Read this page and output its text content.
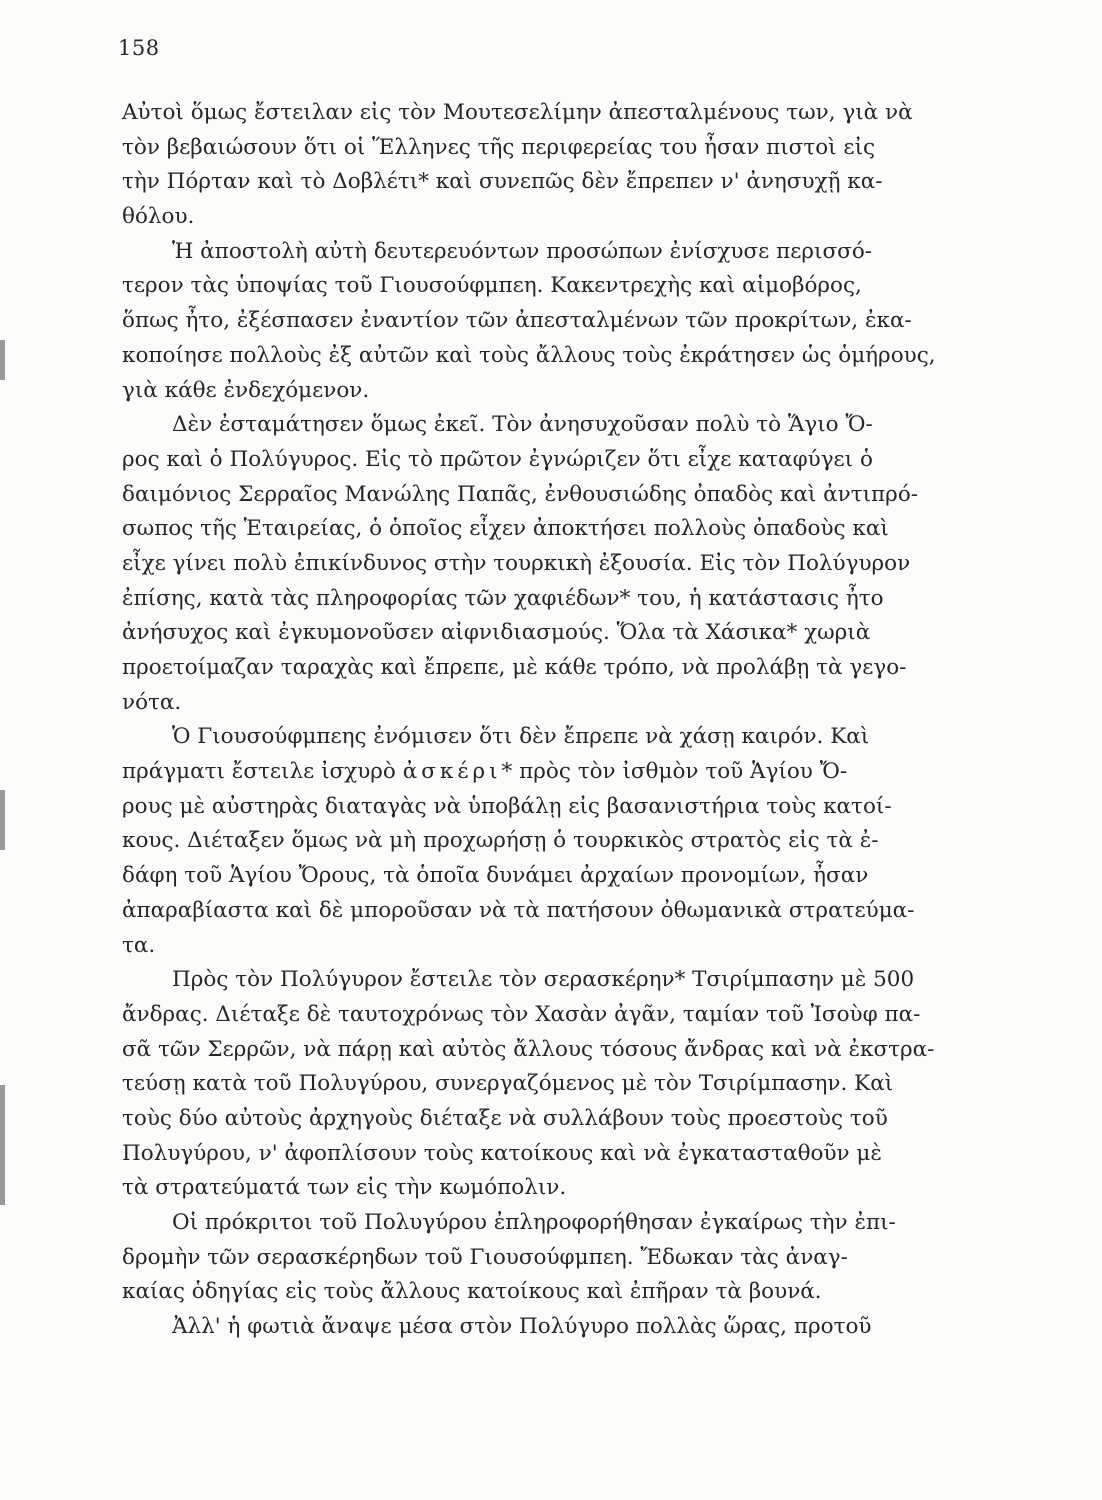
158
Αὐτοὶ ὅμως ἔστειλαν εἰς τὸν Μουτεσελίμην ἀπεσταλμένους των, γιὰ νὰ
τὸν βεβαιώσουν ὅτι οἱ Ἕλληνες τῆς περιφερείας του ἦσαν πιστοὶ εἰς
τὴν Πόρταν καὶ τὸ Δοβλέτι* καὶ συνεπῶς δὲν ἔπρεπεν ν' ἀνησυχῇ κα-
θόλου.
Ἡ ἀποστολὴ αὐτὴ δευτερευόντων προσώπων ἐνίσχυσε περισσό-
τερον τὰς ὑποψίας τοῦ Γιουσούφμπεη. Κακεντρεχὴς καὶ αἱμοβόρος,
ὅπως ἦτο, ἐξέσπασεν ἐναντίον τῶν ἀπεσταλμένων τῶν προκρίτων, ἐκα-
κοποίησε πολλοὺς ἐξ αὐτῶν καὶ τοὺς ἄλλους τοὺς ἐκράτησεν ὡς ὁμήρους,
γιὰ κάθε ἐνδεχόμενον.
Δὲν ἐσταμάτησεν ὅμως ἐκεῖ. Τὸν ἀνησυχοῦσαν πολὺ τὸ Ἅγιο Ὄ-
ρος καὶ ὁ Πολύγυρος. Εἰς τὸ πρῶτον ἐγνώριζεν ὅτι εἶχε καταφύγει ὁ
δαιμόνιος Σερραῖος Μανώλης Παπᾶς, ἐνθουσιώδης ὀπαδὸς καὶ ἀντιπρό-
σωπος τῆς Ἑταιρείας, ὁ ὁποῖος εἶχεν ἀποκτήσει πολλοὺς ὀπαδοὺς καὶ
εἶχε γίνει πολὺ ἐπικίνδυνος στὴν τουρκικὴ ἐξουσία. Εἰς τὸν Πολύγυρον
ἐπίσης, κατὰ τὰς πληροφορίας τῶν χαφιέδων* του, ἡ κατάστασις ἦτο
ἀνήσυχος καὶ ἐγκυμονοῦσεν αἰφνιδιασμούς. Ὅλα τὰ Χάσικα* χωριὰ
προετοίμαζαν ταραχὰς καὶ ἔπρεπε, μὲ κάθε τρόπο, νὰ προλάβῃ τὰ γεγο-
νότα.
Ὁ Γιουσούφμπεης ἐνόμισεν ὅτι δὲν ἔπρεπε νὰ χάσῃ καιρόν. Καὶ
πράγματι ἔστειλε ἰσχυρὸ ἀσκέρι* πρὸς τὸν ἰσθμὸν τοῦ Ἁγίου Ὄ-
ρους μὲ αὐστηρὰς διαταγὰς νὰ ὑποβάλῃ εἰς βασανιστήρια τοὺς κατοί-
κους. Διέταξεν ὅμως νὰ μὴ προχωρήσῃ ὁ τουρκικὸς στρατὸς εἰς τὰ ἐ-
δάφη τοῦ Ἁγίου Ὄρους, τὰ ὁποῖα δυνάμει ἀρχαίων προνομίων, ἦσαν
ἀπαραβίαστα καὶ δὲ μποροῦσαν νὰ τὰ πατήσουν ὀθωμανικὰ στρατεύμα-
τα.
Πρὸς τὸν Πολύγυρον ἔστειλε τὸν σερασκέρην* Τσιρίμπασην μὲ 500
ἄνδρας. Διέταξε δὲ ταυτοχρόνως τὸν Χασὰν ἀγᾶν, ταμίαν τοῦ Ἰσοὺφ πα-
σᾶ τῶν Σερρῶν, νὰ πάρῃ καὶ αὐτὸς ἄλλους τόσους ἄνδρας καὶ νὰ ἐκστρα-
τεύσῃ κατὰ τοῦ Πολυγύρου, συνεργαζόμενος μὲ τὸν Τσιρίμπασην. Καὶ
τοὺς δύο αὐτοὺς ἀρχηγοὺς διέταξε νὰ συλλάβουν τοὺς προεστοὺς τοῦ
Πολυγύρου, ν' ἀφοπλίσουν τοὺς κατοίκους καὶ νὰ ἐγκατασταθοῦν μὲ
τὰ στρατεύματά των εἰς τὴν κωμόπολιν.
Οἱ πρόκριτοι τοῦ Πολυγύρου ἐπληροφορήθησαν ἐγκαίρως τὴν ἐπι-
δρομὴν τῶν σερασκέρηδων τοῦ Γιουσούφμπεη. Ἔδωκαν τὰς ἀναγ-
καίας ὁδηγίας εἰς τοὺς ἄλλους κατοίκους καὶ ἐπῆραν τὰ βουνά.
Ἀλλ' ἡ φωτιὰ ἄναψε μέσα στὸν Πολύγυρο πολλὰς ὥρας, προτοῦ
